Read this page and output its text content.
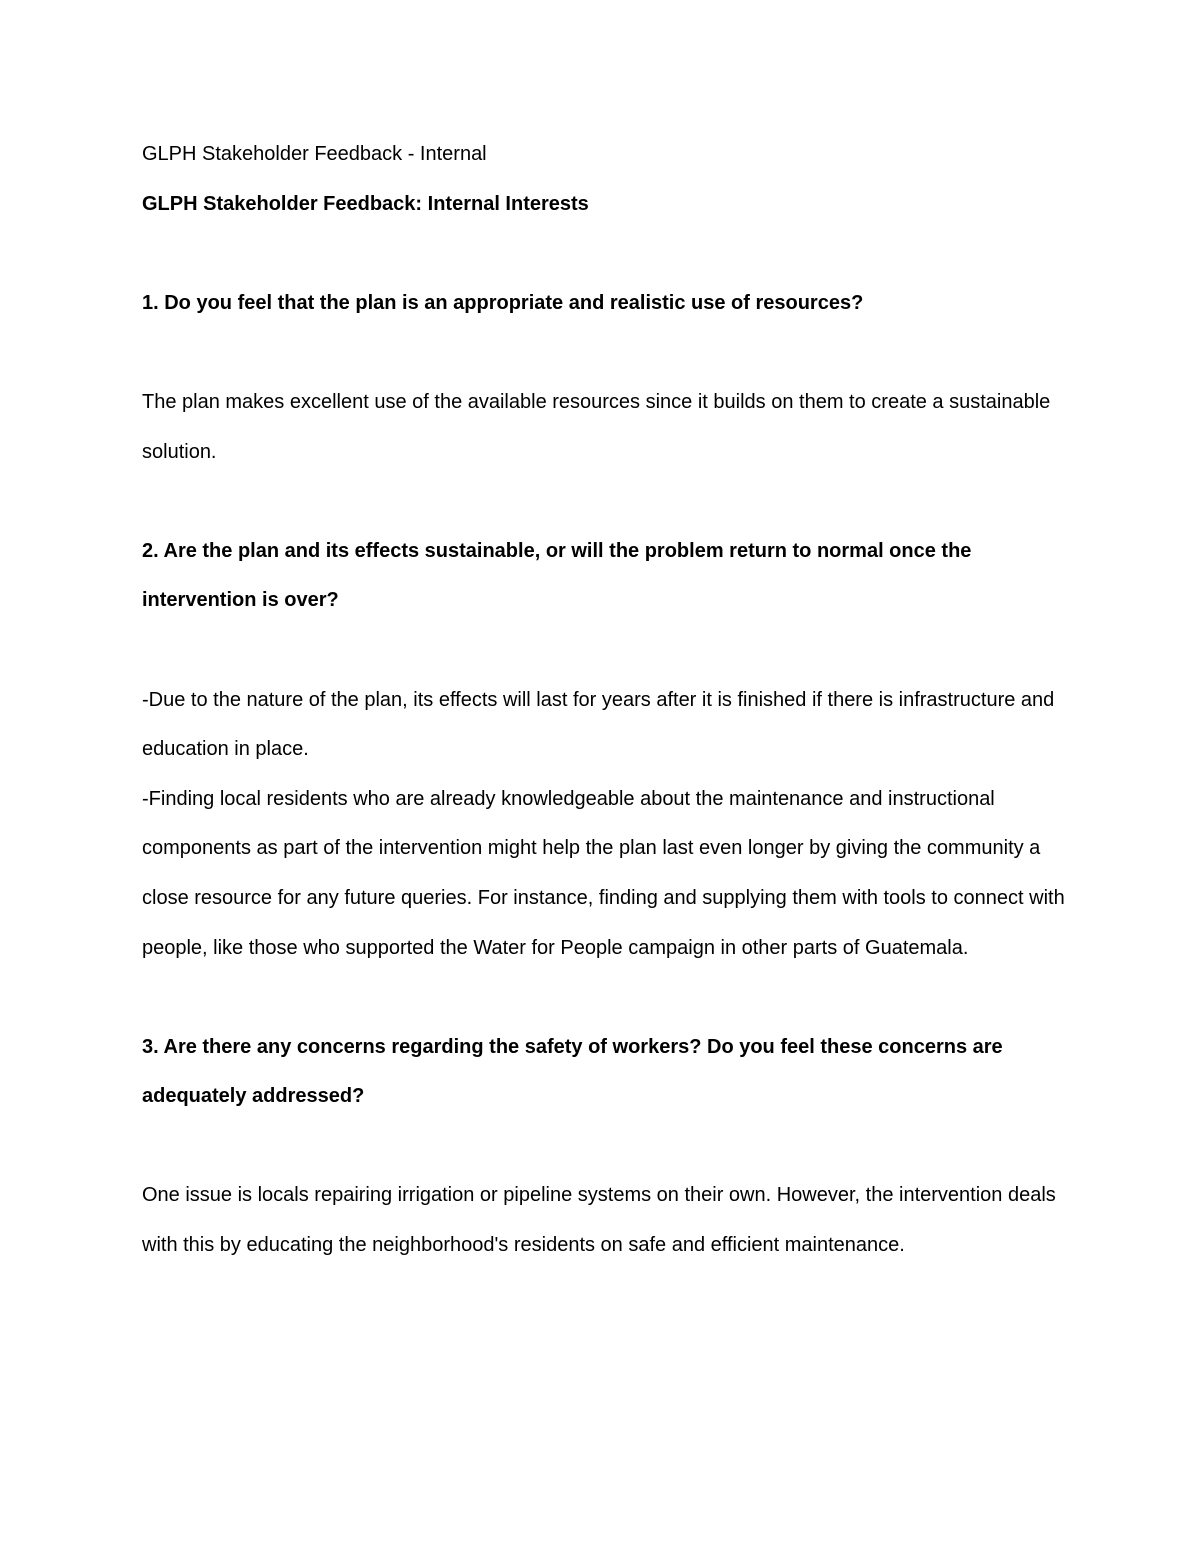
GLPH Stakeholder Feedback - Internal

GLPH Stakeholder Feedback: Internal Interests

1. Do you feel that the plan is an appropriate and realistic use of resources?

The plan makes excellent use of the available resources since it builds on them to create a sustainable solution.

2. Are the plan and its effects sustainable, or will the problem return to normal once the intervention is over?

-Due to the nature of the plan, its effects will last for years after it is finished if there is infrastructure and education in place.

-Finding local residents who are already knowledgeable about the maintenance and instructional components as part of the intervention might help the plan last even longer by giving the community a close resource for any future queries. For instance, finding and supplying them with tools to connect with people, like those who supported the Water for People campaign in other parts of Guatemala.

3. Are there any concerns regarding the safety of workers? Do you feel these concerns are adequately addressed?

One issue is locals repairing irrigation or pipeline systems on their own. However, the intervention deals with this by educating the neighborhood's residents on safe and efficient maintenance.
